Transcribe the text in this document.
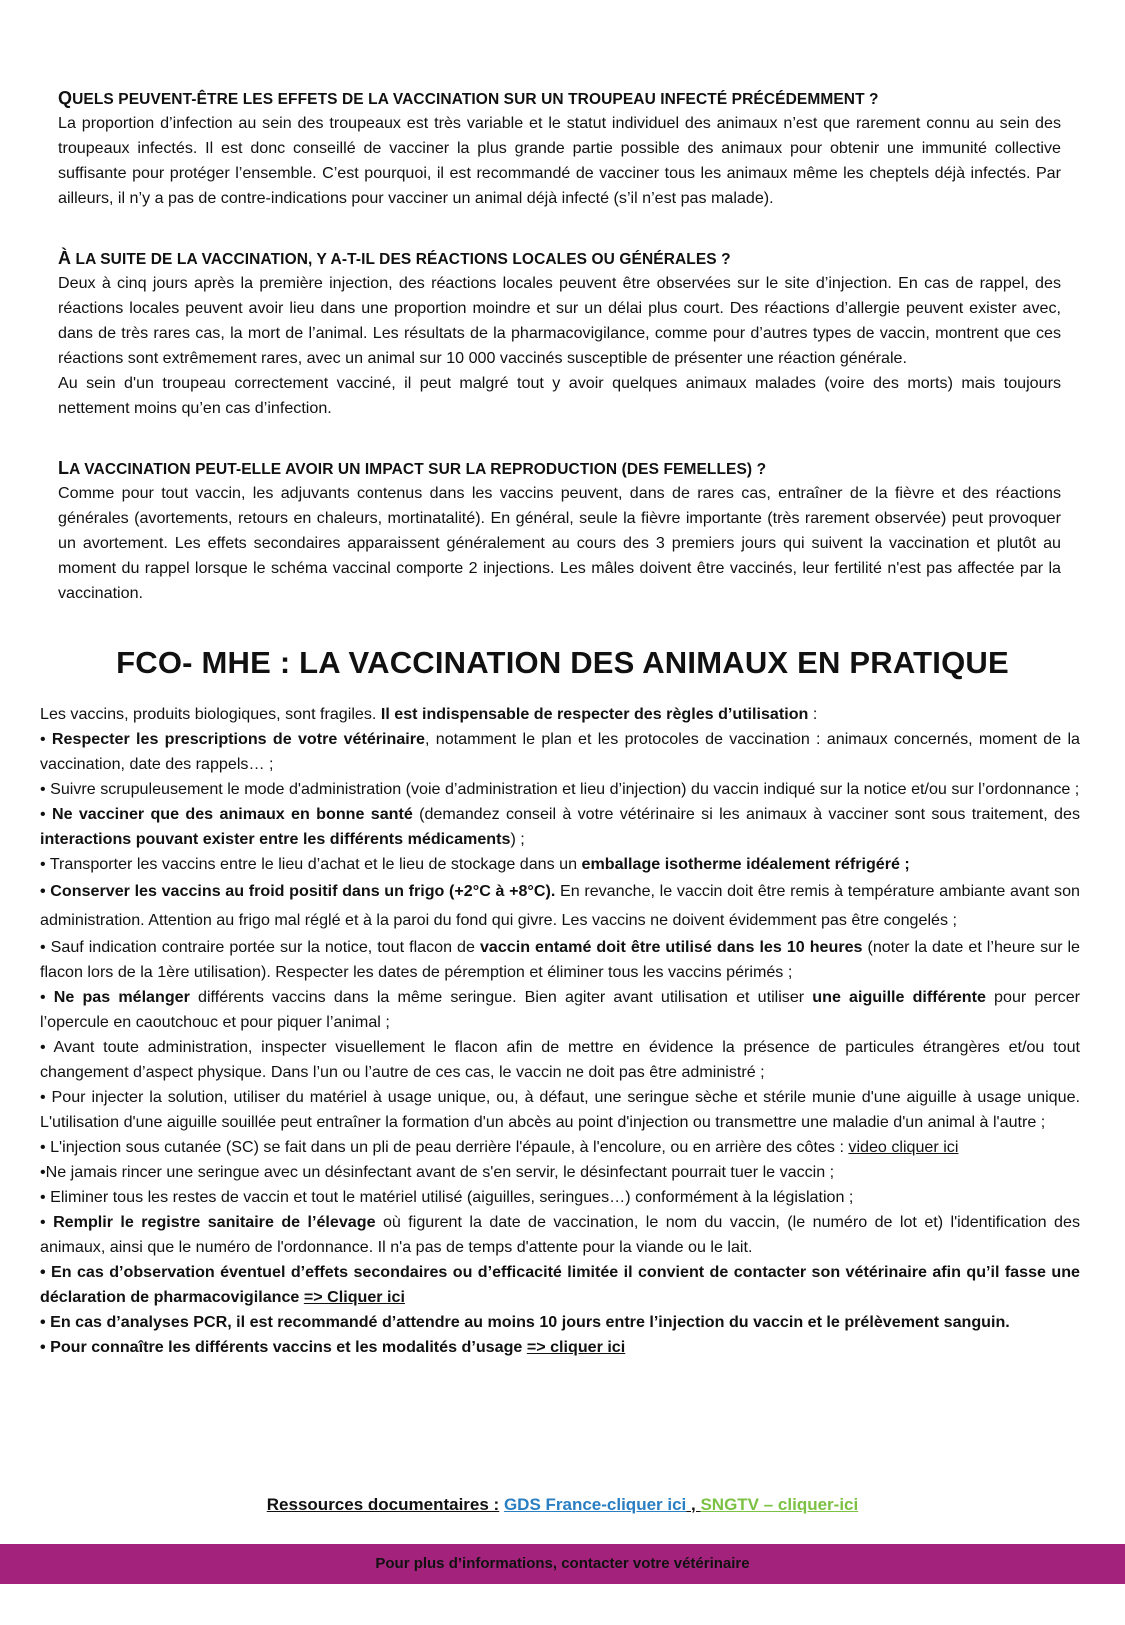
QUELS PEUVENT-ÊTRE LES EFFETS DE LA VACCINATION SUR UN TROUPEAU INFECTÉ PRÉCÉDEMMENT ?

La proportion d’infection au sein des troupeaux est très variable et le statut individuel des animaux n’est que rarement connu au sein des troupeaux infectés. Il est donc conseillé de vacciner la plus grande partie possible des animaux pour obtenir une immunité collective suffisante pour protéger l’ensemble. C’est pourquoi, il est recommandé de vacciner tous les animaux même les cheptels déjà infectés. Par ailleurs, il n’y a pas de contre-indications pour vacciner un animal déjà infecté (s’il n’est pas malade).

À LA SUITE DE LA VACCINATION, Y A-T-IL DES RÉACTIONS LOCALES OU GÉNÉRALES ?

Deux à cinq jours après la première injection, des réactions locales peuvent être observées sur le site d’injection. En cas de rappel, des réactions locales peuvent avoir lieu dans une proportion moindre et sur un délai plus court. Des réactions d’allergie peuvent exister avec, dans de très rares cas, la mort de l’animal. Les résultats de la pharmacovigilance, comme pour d’autres types de vaccin, montrent que ces réactions sont extrêmement rares, avec un animal sur 10 000 vaccinés susceptible de présenter une réaction générale.

Au sein d'un troupeau correctement vacciné, il peut malgré tout y avoir quelques animaux malades (voire des morts) mais toujours nettement moins qu’en cas d’infection.

LA VACCINATION PEUT-ELLE AVOIR UN IMPACT SUR LA REPRODUCTION (DES FEMELLES) ?

Comme pour tout vaccin, les adjuvants contenus dans les vaccins peuvent, dans de rares cas, entraîner de la fièvre et des réactions générales (avortements, retours en chaleurs, mortinatalité). En général, seule la fièvre importante (très rarement observée) peut provoquer un avortement. Les effets secondaires apparaissent généralement au cours des 3 premiers jours qui suivent la vaccination et plutôt au moment du rappel lorsque le schéma vaccinal comporte 2 injections. Les mâles doivent être vaccinés, leur fertilité n'est pas affectée par la vaccination.

FCO- MHE : LA VACCINATION DES ANIMAUX EN PRATIQUE

Les vaccins, produits biologiques, sont fragiles. Il est indispensable de respecter des règles d’utilisation :

• Respecter les prescriptions de votre vétérinaire, notamment le plan et les protocoles de vaccination : animaux concernés, moment de la vaccination, date des rappels… ;

• Suivre scrupuleusement le mode d'administration (voie d’administration et lieu d’injection) du vaccin indiqué sur la notice et/ou sur l’ordonnance ;

• Ne vacciner que des animaux en bonne santé (demandez conseil à votre vétérinaire si les animaux à vacciner sont sous traitement, des interactions pouvant exister entre les différents médicaments) ;

• Transporter les vaccins entre le lieu d’achat et le lieu de stockage dans un emballage isotherme idéalement réfrigéré ;

• Conserver les vaccins au froid positif dans un frigo (+2°C à +8°C). En revanche, le vaccin doit être remis à température ambiante avant son administration. Attention au frigo mal réglé et à la paroi du fond qui givre. Les vaccins ne doivent évidemment pas être congelés ;

• Sauf indication contraire portée sur la notice, tout flacon de vaccin entamé doit être utilisé dans les 10 heures (noter la date et l’heure sur le flacon lors de la 1ère utilisation). Respecter les dates de péremption et éliminer tous les vaccins périmés ;

• Ne pas mélanger différents vaccins dans la même seringue. Bien agiter avant utilisation et utiliser une aiguille différente pour percer l’opercule en caoutchouc et pour piquer l’animal ;

• Avant toute administration, inspecter visuellement le flacon afin de mettre en évidence la présence de particules étrangères et/ou tout changement d’aspect physique. Dans l’un ou l’autre de ces cas, le vaccin ne doit pas être administré ;

• Pour injecter la solution, utiliser du matériel à usage unique, ou, à défaut, une seringue sèche et stérile munie d'une aiguille à usage unique. L'utilisation d'une aiguille souillée peut entraîner la formation d'un abcès au point d'injection ou transmettre une maladie d'un animal à l'autre ;

• L'injection sous cutanée (SC) se fait dans un pli de peau derrière l'épaule, à l'encolure, ou en arrière des côtes : video cliquer ici

•Ne jamais rincer une seringue avec un désinfectant avant de s'en servir, le désinfectant pourrait tuer le vaccin ;

• Eliminer tous les restes de vaccin et tout le matériel utilisé (aiguilles, seringues…) conformément à la législation ;

• Remplir le registre sanitaire de l’élevage où figurent la date de vaccination, le nom du vaccin, (le numéro de lot et) l'identification des animaux, ainsi que le numéro de l'ordonnance. Il n'a pas de temps d'attente pour la viande ou le lait.

• En cas d’observation éventuel d’effets secondaires ou d’efficacité limitée il convient de contacter son vétérinaire afin qu’il fasse une déclaration de pharmacovigilance => Cliquer ici

• En cas d’analyses PCR, il est recommandé d’attendre au moins 10 jours entre l’injection du vaccin et le prélèvement sanguin.

• Pour connaître les différents vaccins et les modalités d’usage => cliquer ici

Ressources documentaires : GDS France-cliquer ici , SNGTV – cliquer-ici
Pour plus d’informations, contacter votre vétérinaire
